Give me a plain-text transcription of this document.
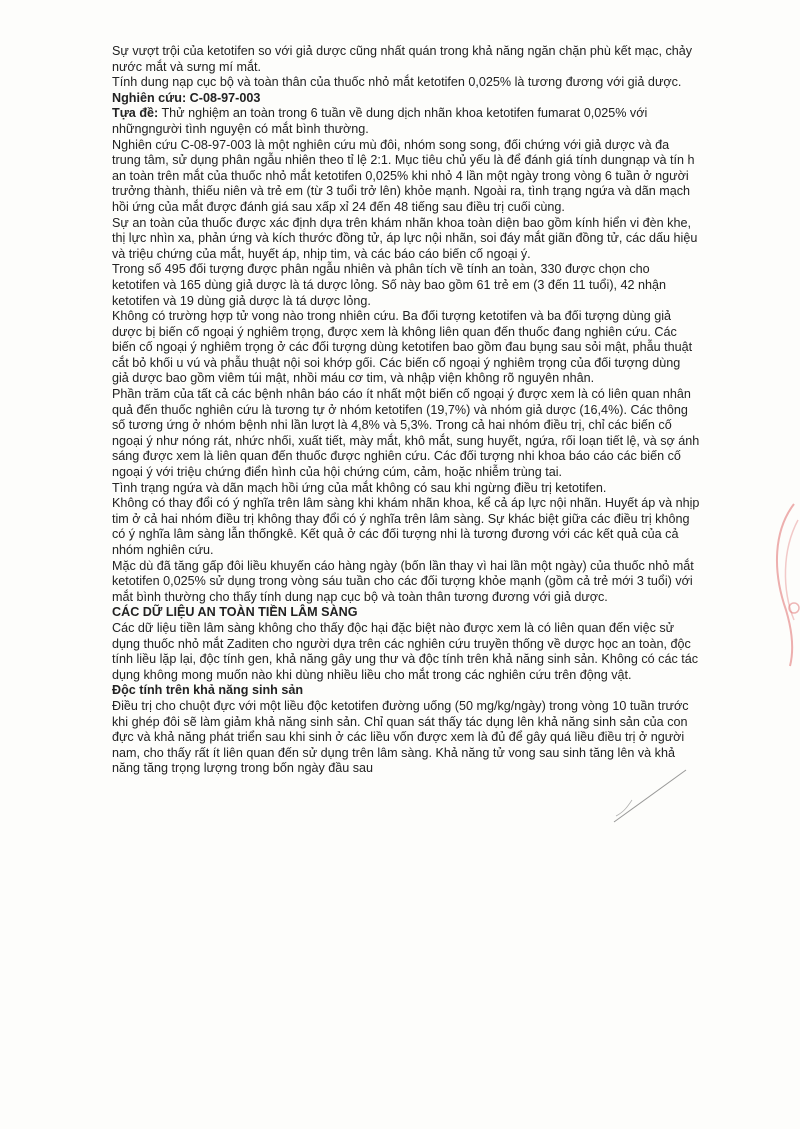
Sự vượt trội của ketotifen so với giả dược cũng nhất quán trong khả năng ngăn chặn phù kết mạc, chảy nước mắt và sưng mí mắt.

Tính dung nạp cục bộ và toàn thân của thuốc nhỏ mắt ketotifen 0,025% là tương đương với giả dược.

Nghiên cứu: C-08-97-003

Tựa đề: Thử nghiệm an toàn trong 6 tuần về dung dịch nhãn khoa ketotifen fumarat 0,025% với nhữngngười tình nguyện có mắt bình thường.

Nghiên cứu C-08-97-003 là một nghiên cứu mù đôi, nhóm song song, đối chứng với giả dược và đa trung tâm, sử dụng phân ngẫu nhiên theo tỉ lệ 2:1. Mục tiêu chủ yếu là để đánh giá tính dungnạp và tín h an toàn trên mắt của thuốc nhỏ mắt ketotifen 0,025% khi nhỏ 4 lần một ngày trong vòng 6 tuần ở người trưởng thành, thiếu niên và trẻ em (từ 3 tuổi trở lên) khỏe mạnh. Ngoài ra, tình trạng ngứa và dãn mạch hồi ứng của mắt được đánh giá sau xấp xỉ 24 đến 48 tiếng sau điều trị cuối cùng.

Sự an toàn của thuốc được xác định dựa trên khám nhãn khoa toàn diện bao gồm kính hiển vi đèn khe, thị lực nhìn xa, phản ứng và kích thước đồng tử, áp lực nội nhãn, soi đáy mắt giãn đồng tử, các dấu hiệu và triệu chứng của mắt, huyết áp, nhịp tim, và các báo cáo biến cố ngoại ý.

Trong số 495 đối tượng được phân ngẫu nhiên và phân tích về tính an toàn, 330 được chọn cho ketotifen và 165 dùng giả dược là tá dược lỏng. Số này bao gồm 61 trẻ em (3 đến 11 tuổi), 42 nhận ketotifen và 19 dùng giả dược là tá dược lỏng.

Không có trường hợp tử vong nào trong nhiên cứu. Ba đối tượng ketotifen và ba đối tượng dùng giả dược bị biến cố ngoại ý nghiêm trọng, được xem là không liên quan đến thuốc đang nghiên cứu. Các biến cố ngoại ý nghiêm trọng ở các đối tượng dùng ketotifen bao gồm đau bụng sau sỏi mật, phẫu thuật cắt bỏ khối u vú và phẫu thuật nội soi khớp gối. Các biến cố ngoại ý nghiêm trọng của đối tượng dùng giả dược bao gồm viêm túi mật, nhồi máu cơ tim, và nhập viện không rõ nguyên nhân.

Phần trăm của tất cả các bệnh nhân báo cáo ít nhất một biến cố ngoại ý được xem là có liên quan nhân quả đến thuốc nghiên cứu là tương tự ở nhóm ketotifen (19,7%) và nhóm giả dược (16,4%). Các thông số tương ứng ở nhóm bệnh nhi lần lượt là 4,8% và 5,3%. Trong cả hai nhóm điều trị, chỉ các biến cố ngoại ý như nóng rát, nhức nhối, xuất tiết, mày mắt, khô mắt, sung huyết, ngứa, rối loạn tiết lệ, và sợ ánh sáng được xem là liên quan đến thuốc được nghiên cứu. Các đối tượng nhi khoa báo cáo các biến cố ngoại ý với triệu chứng điển hình của hội chứng cúm, cảm, hoặc nhiễm trùng tai.

Tình trạng ngứa và dãn mạch hồi ứng của mắt không có sau khi ngừng điều trị ketotifen.

Không có thay đổi có ý nghĩa trên lâm sàng khi khám nhãn khoa, kể cả áp lực nội nhãn. Huyết áp và nhịp tim ở cả hai nhóm điều trị không thay đổi có ý nghĩa trên lâm sàng. Sự khác biệt giữa các điều trị không có ý nghĩa lâm sàng lẫn thốngkê. Kết quả ở các đối tượng nhi là tương đương với các kết quả của cả nhóm nghiên cứu.

Mặc dù đã tăng gấp đôi liều khuyến cáo hàng ngày (bốn lần thay vì hai lần một ngày) của thuốc nhỏ mắt ketotifen 0,025% sử dụng trong vòng sáu tuần cho các đối tượng khỏe mạnh (gồm cả trẻ mới 3 tuổi) với mắt bình thường cho thấy tính dung nạp cục bộ và toàn thân tương đương với giả dược.

CÁC DỮ LIỆU AN TOÀN TIỀN LÂM SÀNG

Các dữ liệu tiền lâm sàng không cho thấy độc hại đặc biệt nào được xem là có liên quan đến việc sử dụng thuốc nhỏ mắt Zaditen cho người dựa trên các nghiên cứu truyền thống về dược học an toàn, độc tính liều lặp lại, độc tính gen, khả năng gây ung thư và độc tính trên khả năng sinh sản. Không có các tác dụng không mong muốn nào khi dùng nhiều liều cho mắt trong các nghiên cứu trên động vật.

Độc tính trên khả năng sinh sản

Điều trị cho chuột đực với một liều độc ketotifen đường uống (50 mg/kg/ngày) trong vòng 10 tuần trước khi ghép đôi sẽ làm giảm khả năng sinh sản. Chỉ quan sát thấy tác dụng lên khả năng sinh sản của con đực và khả năng phát triển sau khi sinh ở các liều vốn được xem là đủ để gây quá liều điều trị ở người nam, cho thấy rất ít liên quan đến sử dụng trên lâm sàng. Khả năng tử vong sau sinh tăng lên và khả năng tăng trọng lượng trong bốn ngày đầu sau
